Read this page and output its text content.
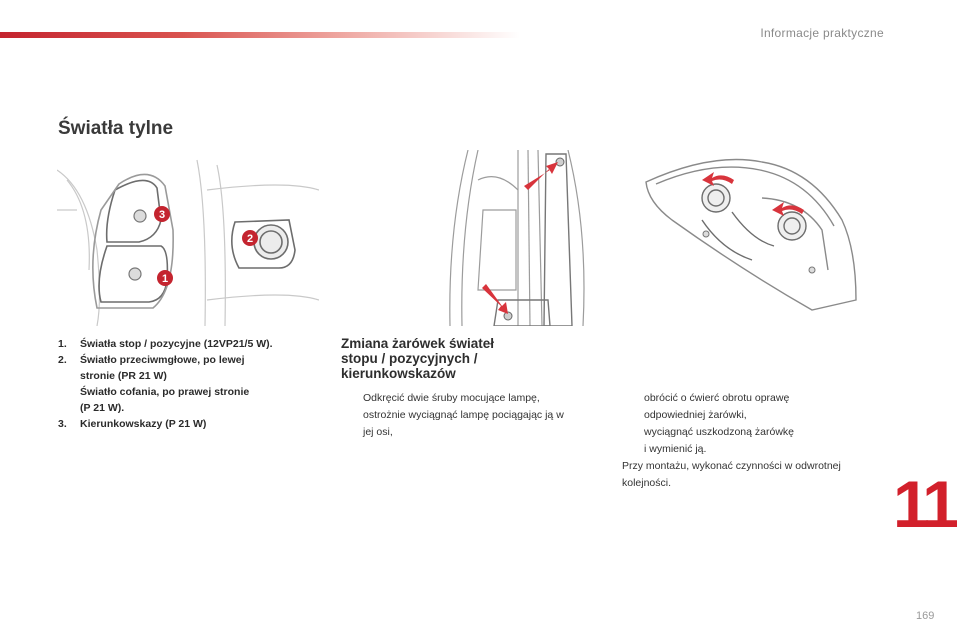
Informacje praktyczne
Światła tylne
3
2
1
1.	Światła stop / pozycyjne (12VP21/5 W).
2.	Światło przeciwmgłowe, po lewej
stronie (PR 21 W)
Światło cofania, po prawej stronie
(P 21 W).
3.	Kierunkowskazy (P 21 W)
Zmiana żarówek świateł
stopu / pozycyjnych /
kierunkowskazów
Odkręcić dwie śruby mocujące lampę,
ostrożnie wyciągnąć lampę pociągając ją w
jej osi,
obrócić o ćwierć obrotu oprawę
odpowiedniej żarówki,
wyciągnąć uszkodzoną żarówkę
i wymienić ją.
Przy montażu, wykonać czynności w odwrotnej
kolejności.	11
169
